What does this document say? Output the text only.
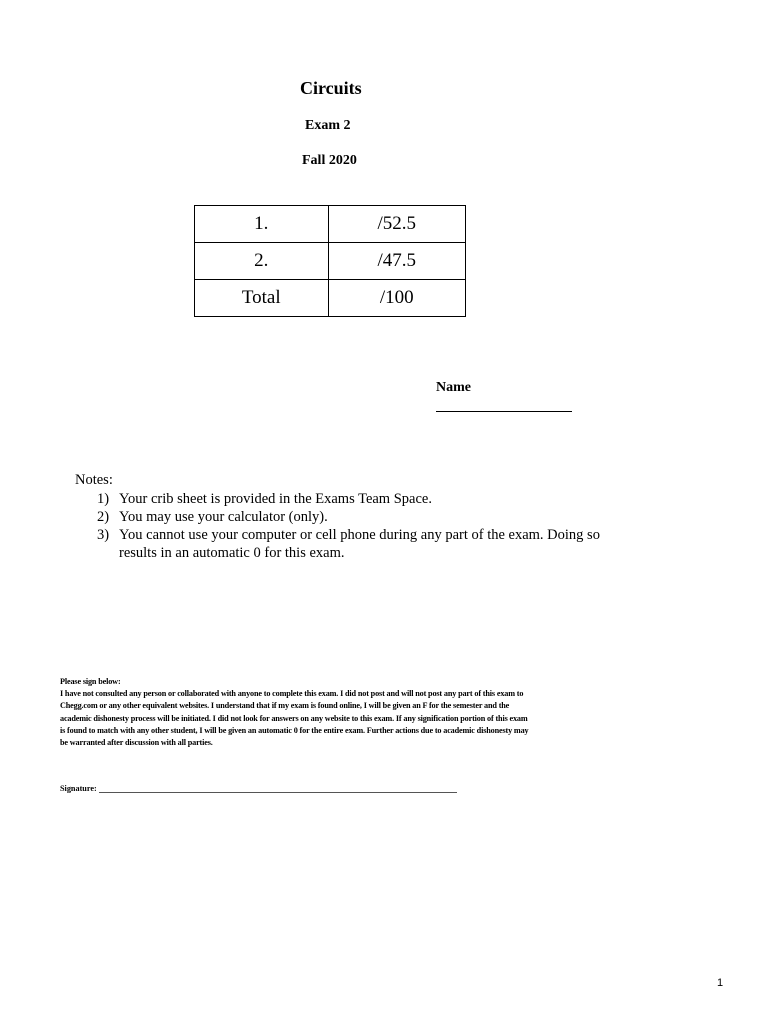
Circuits
Exam 2
Fall 2020
1.	/52.5
2.	/47.5
Total	/100
Name
Notes:
1) Your crib sheet is provided in the Exams Team Space.
2) You may use your calculator (only).
3) You cannot use your computer or cell phone during any part of the exam. Doing so results in an automatic 0 for this exam.
Please sign below:
I have not consulted any person or collaborated with anyone to complete this exam. I did not post and will not post any part of this exam to Chegg.com or any other equivalent websites. I understand that if my exam is found online, I will be given an F for the semester and the academic dishonesty process will be initiated. I did not look for answers on any website to this exam. If any signification portion of this exam is found to match with any other student, I will be given an automatic 0 for the entire exam. Further actions due to academic dishonesty may be warranted after discussion with all parties.
Signature:
1
